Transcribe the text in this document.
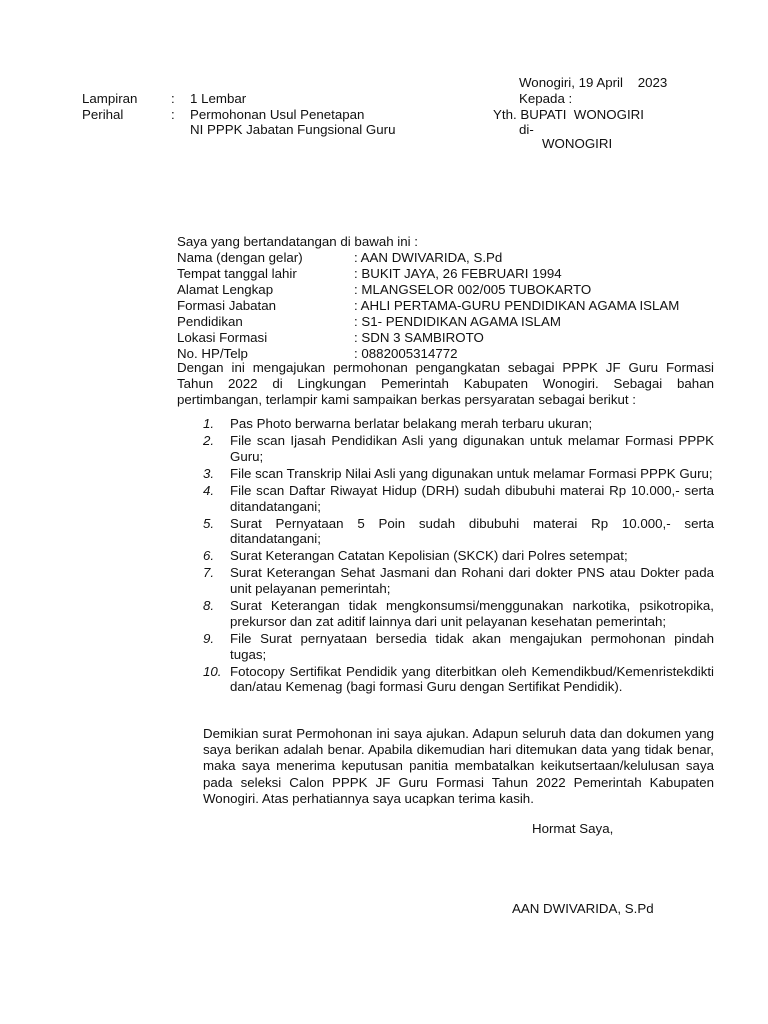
Wonogiri, 19 April    2023
Kepada :
Yth. BUPATI  WONOGIRI
di-
WONOGIRI
Lampiran	: 1 Lembar
Perihal	: Permohonan Usul Penetapan
NI PPPK Jabatan Fungsional Guru
Saya yang bertandatangan di bawah ini :
Nama (dengan gelar)	: AAN DWIVARIDA, S.Pd
Tempat tanggal lahir	: BUKIT JAYA, 26 FEBRUARI 1994
Alamat Lengkap	: MLANGSELOR 002/005 TUBOKARTO
Formasi Jabatan	: AHLI PERTAMA-GURU PENDIDIKAN AGAMA ISLAM
Pendidikan	: S1- PENDIDIKAN AGAMA ISLAM
Lokasi Formasi	: SDN 3 SAMBIROTO
No. HP/Telp	: 0882005314772
Dengan ini mengajukan permohonan pengangkatan sebagai PPPK JF Guru Formasi Tahun 2022 di Lingkungan Pemerintah Kabupaten Wonogiri. Sebagai bahan pertimbangan, terlampir kami sampaikan berkas persyaratan sebagai berikut :
1. Pas Photo berwarna berlatar belakang merah terbaru ukuran;
2. File scan Ijasah Pendidikan Asli yang digunakan untuk melamar Formasi PPPK Guru;
3. File scan Transkrip Nilai Asli yang digunakan untuk melamar Formasi PPPK Guru;
4. File scan Daftar Riwayat Hidup (DRH) sudah dibubuhi materai Rp 10.000,- serta ditandatangani;
5. Surat Pernyataan 5 Poin sudah dibubuhi materai Rp 10.000,- serta ditandatangani;
6. Surat Keterangan Catatan Kepolisian (SKCK) dari Polres setempat;
7. Surat Keterangan Sehat Jasmani dan Rohani dari dokter PNS atau Dokter pada unit pelayanan pemerintah;
8. Surat Keterangan tidak mengkonsumsi/menggunakan narkotika, psikotropika, prekursor dan zat aditif lainnya dari unit pelayanan kesehatan pemerintah;
9. File Surat pernyataan bersedia tidak akan mengajukan permohonan pindah tugas;
10. Fotocopy Sertifikat Pendidik yang diterbitkan oleh Kemendikbud/Kemenristekdikti dan/atau Kemenag (bagi formasi Guru dengan Sertifikat Pendidik).
Demikian surat Permohonan ini saya ajukan. Adapun seluruh data dan dokumen yang saya berikan adalah benar. Apabila dikemudian hari ditemukan data yang tidak benar, maka saya menerima keputusan panitia membatalkan keikutsertaan/kelulusan saya pada seleksi Calon PPPK JF Guru Formasi Tahun 2022 Pemerintah Kabupaten Wonogiri. Atas perhatiannya saya ucapkan terima kasih.
Hormat Saya,
AAN DWIVARIDA, S.Pd
